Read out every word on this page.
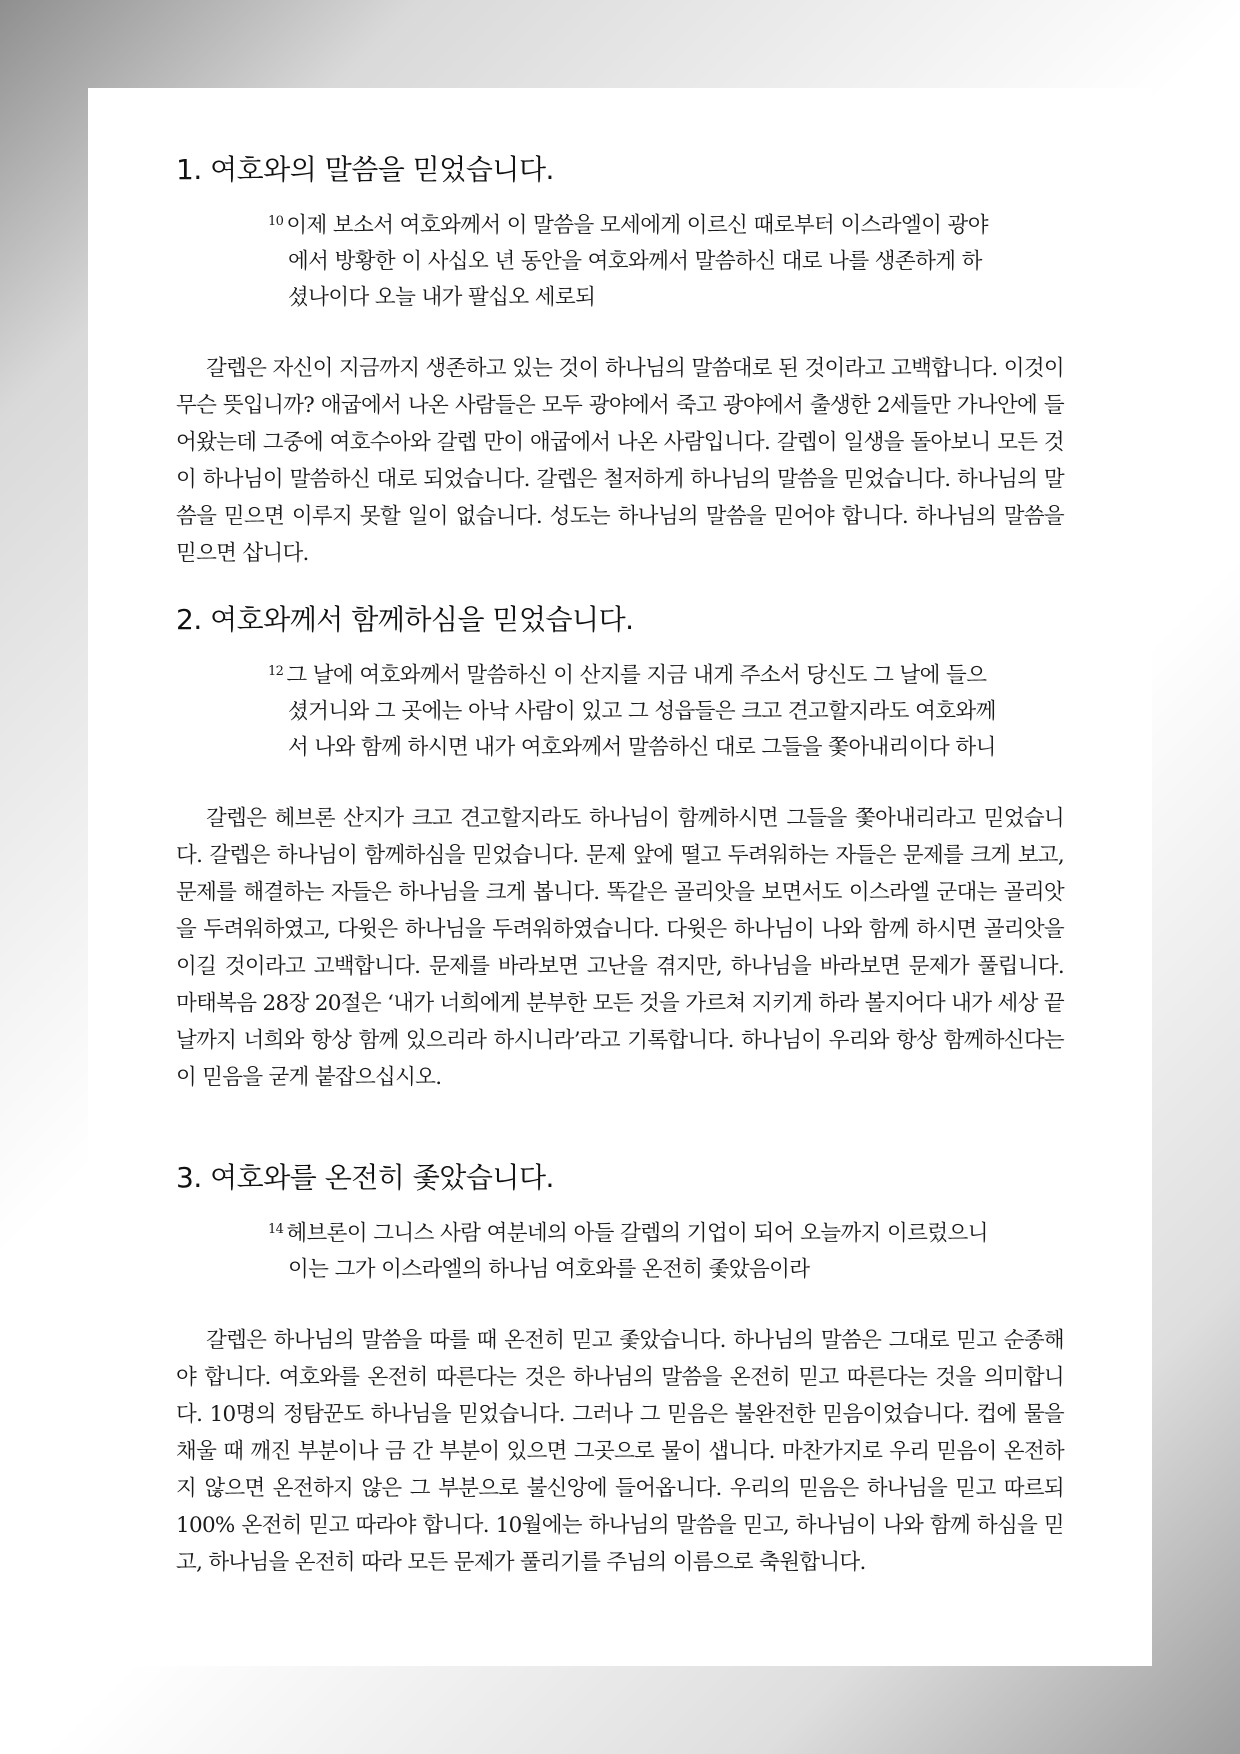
1. 여호와의 말씀을 믿었습니다.
$^{10}$ 이제 보소서 여호와께서 이 말씀을 모세에게 이르신 때로부터 이스라엘이 광야에서 방황한 이 사십오 년 동안을 여호와께서 말씀하신 대로 나를 생존하게 하셨나이다 오늘 내가 팔십오 세로되

갈렙은 자신이 지금까지 생존하고 있는 것이 하나님의 말씀대로 된 것이라고 고백합니다. 이것이 무슨 뜻입니까? 애굽에서 나온 사람들은 모두 광야에서 죽고 광야에서 출생한 2세들만 가나안에 들어왔는데 그중에 여호수아와 갈렙 만이 애굽에서 나온 사람입니다. 갈렙이 일생을 돌아보니 모든 것이 하나님이 말씀하신 대로 되었습니다. 갈렙은 철저하게 하나님의 말씀을 믿었습니다. 하나님의 말씀을 믿으면 이루지 못할 일이 없습니다. 성도는 하나님의 말씀을 믿어야 합니다. 하나님의 말씀을 믿으면 삽니다.

2. 여호와께서 함께하심을 믿었습니다.
$^{12}$ 그 날에 여호와께서 말씀하신 이 산지를 지금 내게 주소서 당신도 그 날에 들으셨거니와 그 곳에는 아낙 사람이 있고 그 성읍들은 크고 견고할지라도 여호와께서 나와 함께 하시면 내가 여호와께서 말씀하신 대로 그들을 쫓아내리이다 하니

갈렙은 헤브론 산지가 크고 견고할지라도 하나님이 함께하시면 그들을 쫓아내리라고 믿었습니다. 갈렙은 하나님이 함께하심을 믿었습니다. 문제 앞에 떨고 두려워하는 자들은 문제를 크게 보고, 문제를 해결하는 자들은 하나님을 크게 봅니다. 똑같은 골리앗을 보면서도 이스라엘 군대는 골리앗을 두려워하였고, 다윗은 하나님을 두려워하였습니다. 다윗은 하나님이 나와 함께 하시면 골리앗을 이길 것이라고 고백합니다. 문제를 바라보면 고난을 겪지만, 하나님을 바라보면 문제가 풀립니다. 마태복음 28장 20절은 ‘내가 너희에게 분부한 모든 것을 가르쳐 지키게 하라 볼지어다 내가 세상 끝날까지 너희와 항상 함께 있으리라 하시니라’라고 기록합니다. 하나님이 우리와 항상 함께하신다는 이 믿음을 굳게 붙잡으십시오.

3. 여호와를 온전히 좇았습니다.
$^{14}$ 헤브론이 그니스 사람 여분네의 아들 갈렙의 기업이 되어 오늘까지 이르렀으니 이는 그가 이스라엘의 하나님 여호와를 온전히 좇았음이라

갈렙은 하나님의 말씀을 따를 때 온전히 믿고 좇았습니다. 하나님의 말씀은 그대로 믿고 순종해야 합니다. 여호와를 온전히 따른다는 것은 하나님의 말씀을 온전히 믿고 따른다는 것을 의미합니다. 10명의 정탐꾼도 하나님을 믿었습니다. 그러나 그 믿음은 불완전한 믿음이었습니다. 컵에 물을 채울 때 깨진 부분이나 금 간 부분이 있으면 그곳으로 물이 샙니다. 마찬가지로 우리 믿음이 온전하지 않으면 온전하지 않은 그 부분으로 불신앙에 들어옵니다. 우리의 믿음은 하나님을 믿고 따르되 100% 온전히 믿고 따라야 합니다. 10월에는 하나님의 말씀을 믿고, 하나님이 나와 함께 하심을 믿고, 하나님을 온전히 따라 모든 문제가 풀리기를 주님의 이름으로 축원합니다.
